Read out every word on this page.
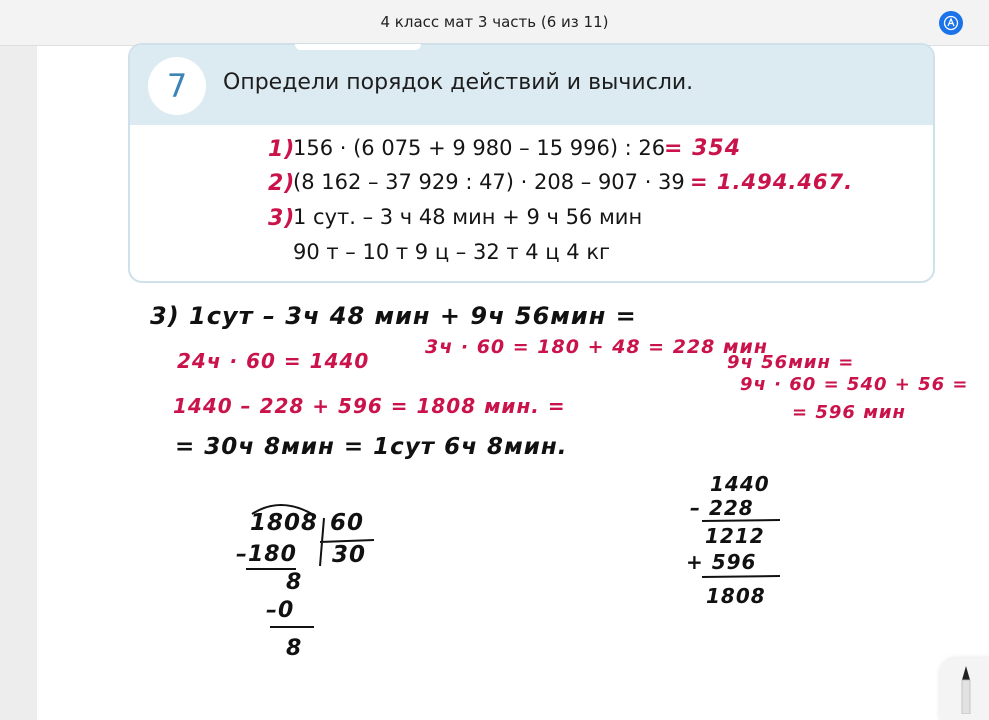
4 класс мат 3 часть (6 из 11)
7	Определи порядок действий и вычисли.
1)
156 · (6 075 + 9 980 – 15 996) : 26
= 354
2)
(8 162 – 37 929 : 47) · 208 – 907 · 39 = 1.494.467.
3)
1 сут. – 3 ч 48 мин + 9 ч 56 мин
90 т – 10 т 9 ц – 32 т 4 ц 4 кг
3) 1сут – 3ч 48 мин + 9ч 56мин =
24ч · 60 = 1440
3ч · 60 = 180 + 48 = 228 мин
9ч 56мин =
9ч · 60 = 540 + 56 =
= 596 мин
1440 – 228 + 596 = 1808 мин. =
= 30ч 8мин = 1сут 6ч 8мин.
1808 60
–180 30
8
–0
8
1440
– 228
1212
+ 596
1808
